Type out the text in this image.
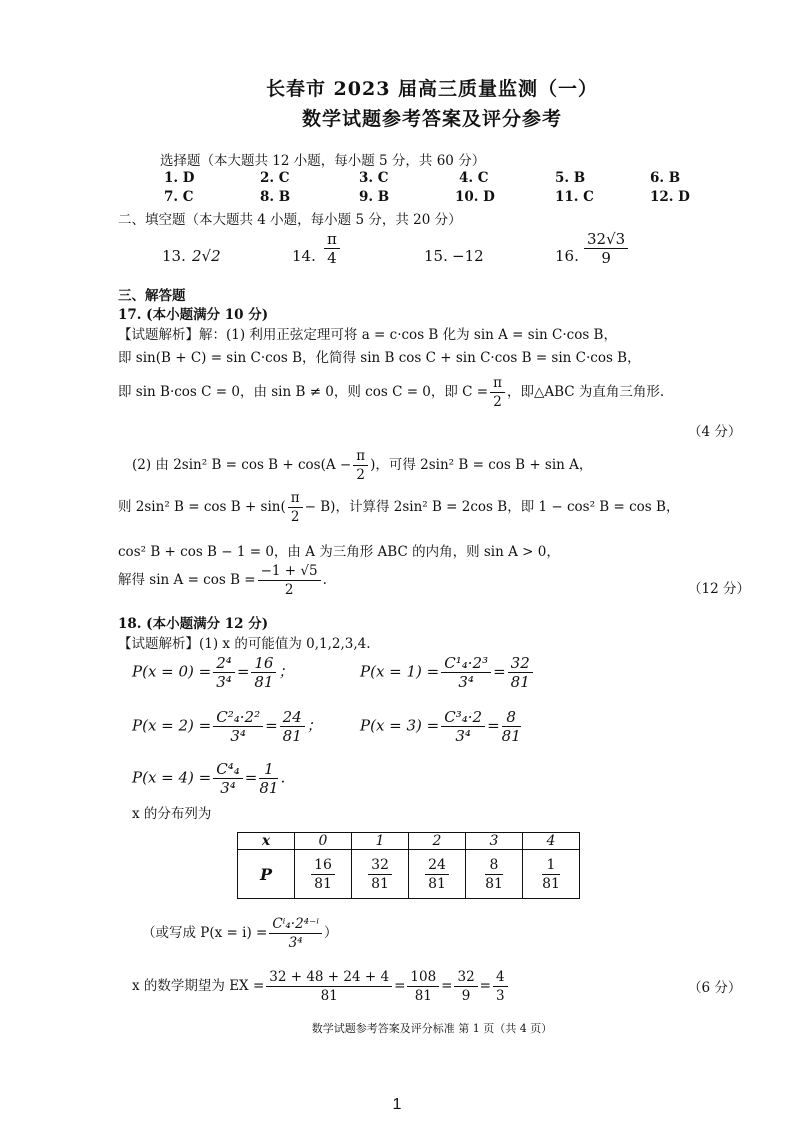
长春市 2023 届高三质量监测（一）
数学试题参考答案及评分参考
选择题（本大题共 12 小题，每小题 5 分，共 60 分）
1. D	2. C	3. C	4. C	5. B	6. B
7. C	8. B	9. B	10. D	11. C	12. D
二、填空题（本大题共 4 小题，每小题 5 分，共 20 分）
13. 2√2	14. $\frac{\pi}{4}$	15. −12	16. $\frac{32√3}{9}$
三、解答题
17. (本小题满分 10 分)
【试题解析】解：(1) 利用正弦定理可将 a = c·cos B 化为 sin A = sin C·cos B，
即 sin(B + C) = sin C·cos B，化简得 sin B cos C + sin C·cos B = sin C·cos B，
即 sin B·cos C = 0，由 sin B ≠ 0，则 cos C = 0，即 $C = \frac{\pi}{2}$ ，即△ABC 为直角三角形.
（4 分）
(2) 由 2sin² $B = \cos B + \cos(A - \frac{\pi}{2}$ )，可得 2sin² B = cos B + sin A，
则 2sin² $B = \cos B + \sin( \frac{\pi}{2} - B)$，计算得 2sin² B = 2cos B，即 1 − cos² B = cos B，
cos² B + cos B − 1 = 0，由 A 为三角形 ABC 的内角，则 sin A > 0，
解得 $\sin A = \cos B = \frac{-1 + √5}{2}$ .
（12 分）
18. (本小题满分 12 分)
【试题解析】(1) x 的可能值为 0,1,2,3,4.
$P(x = 0) = \frac{\text{2⁴}}{\text{3⁴}} = \frac{16}{81}$ ；	$P(x = 1) = \frac{\text{C¹₄·2³}}{\text{3⁴}} = \frac{32}{81}$
$P(x = 2) = \frac{\text{C²₄·2²}}{\text{3⁴}} = \frac{24}{81}$ ；	$P(x = 3) = \frac{\text{C³₄·2}}{\text{3⁴}} = \frac{8}{81}$
$P(x = 4) = \frac{\text{C⁴₄}}{\text{3⁴}} = \frac{1}{81}$ .
x 的分布列为
x	0	1	2	3	4
P	$\frac{16}{81}$	$\frac{32}{81}$	$\frac{24}{81}$	$\frac{8}{81}$	$\frac{1}{81}$
（或写成 $P(x = i) = \frac{\text{Cⁱ₄·2⁴⁻ⁱ}}{\text{3⁴}}$ ）
x 的数学期望为 EX = $\frac{32 + 48 + 24 + 4}{81} = \frac{108}{81} = \frac{32}{9} = \frac{4}{3}$	（6 分）
数学试题参考答案及评分标准 第 1 页（共 4 页）
1
